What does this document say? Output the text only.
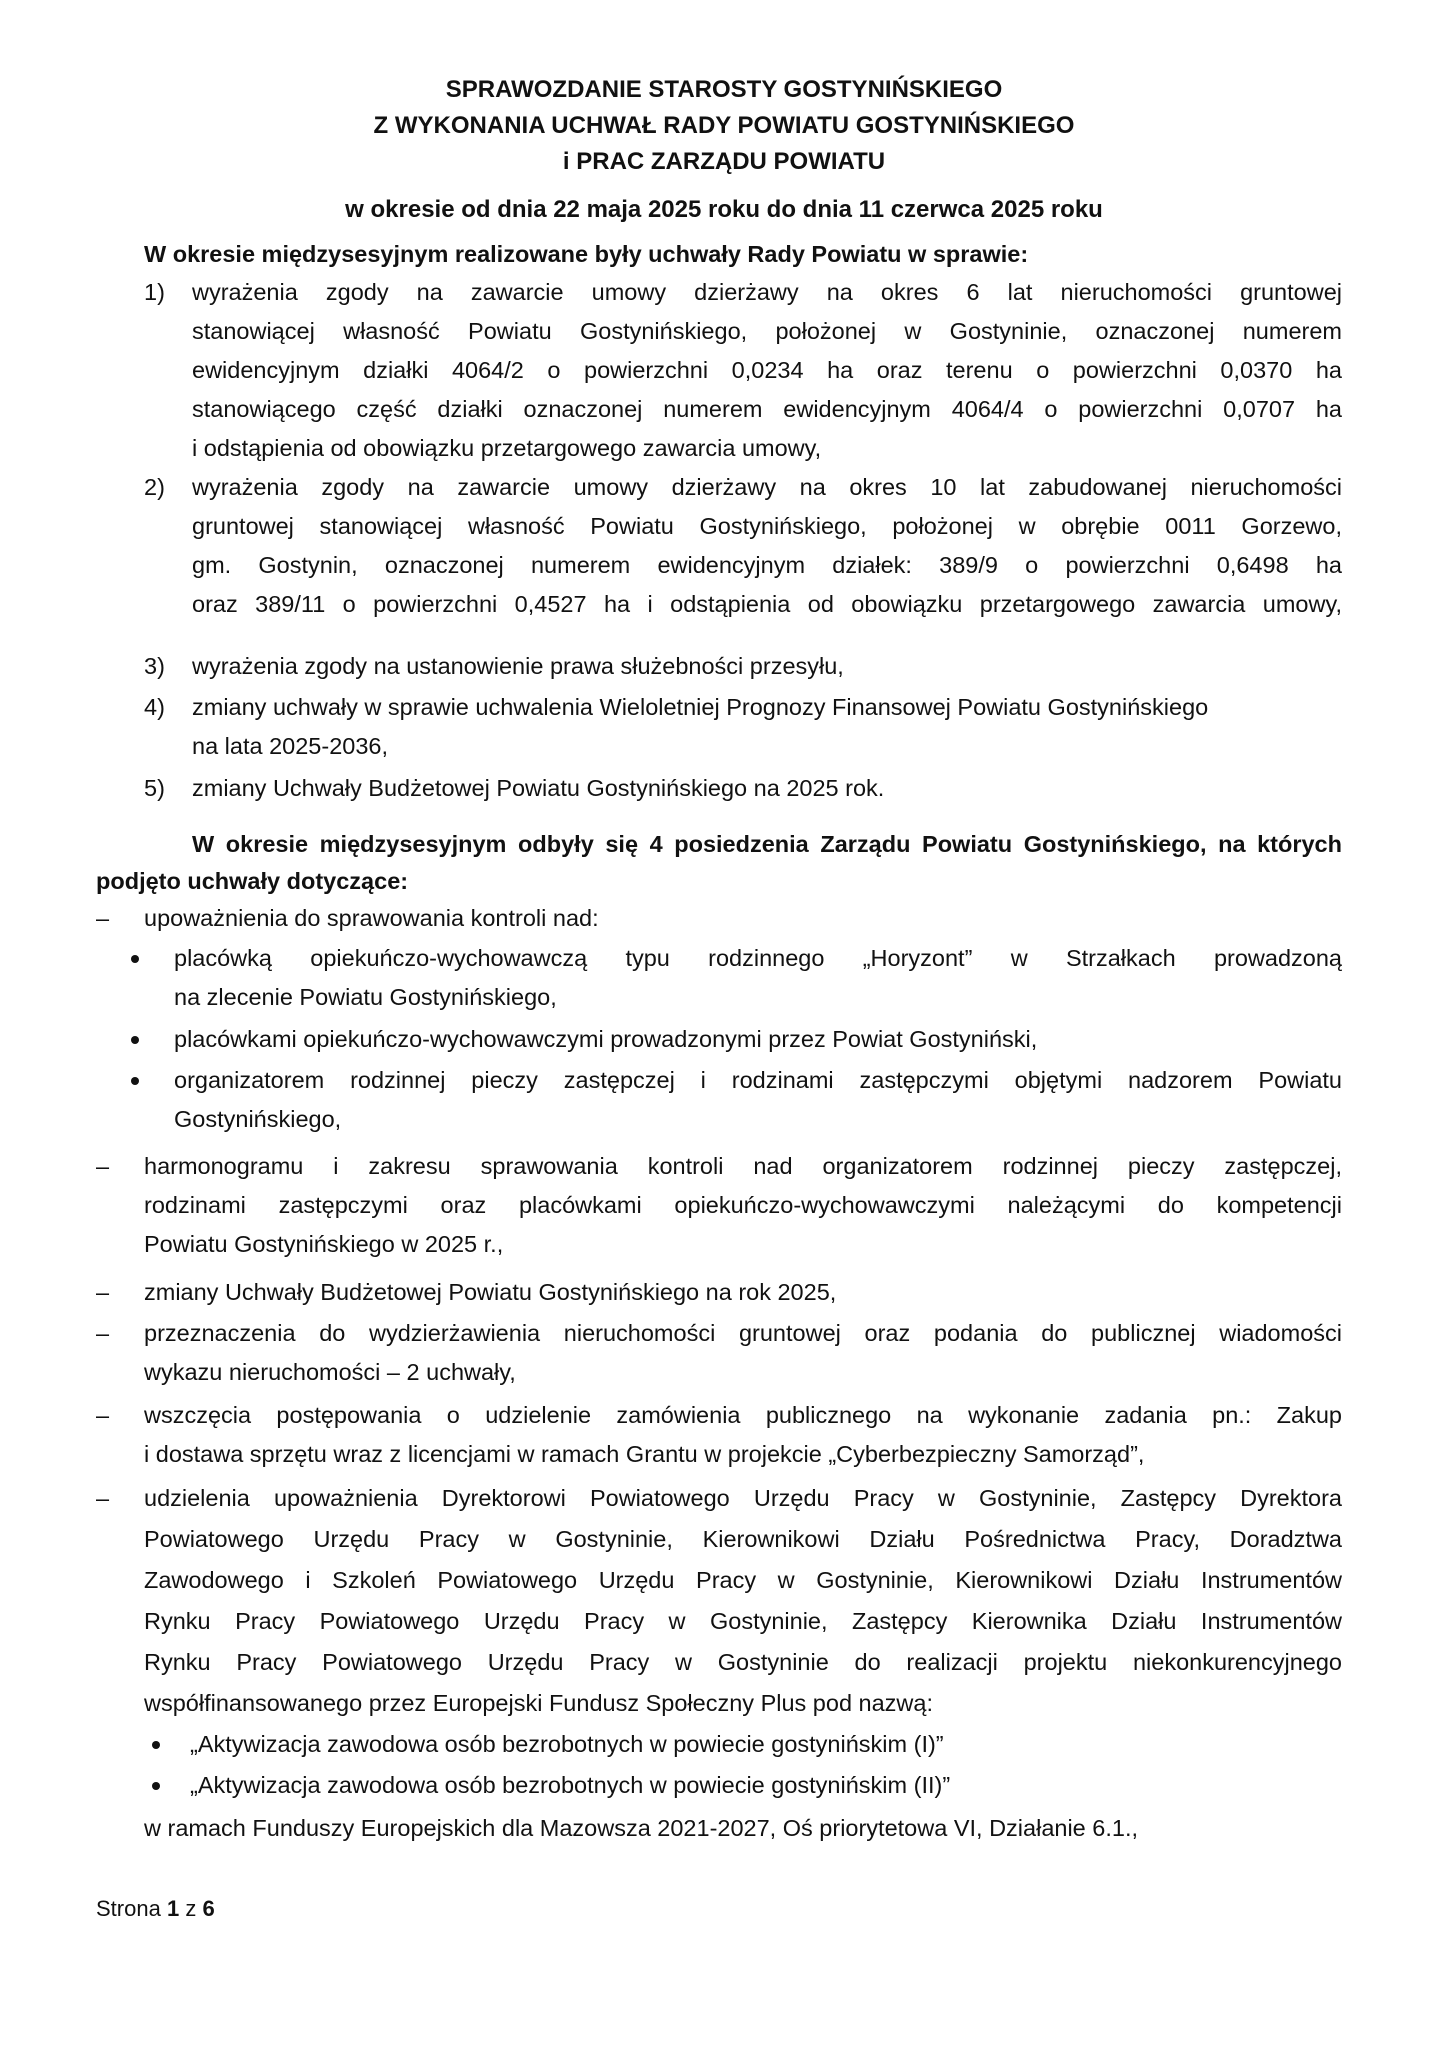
SPRAWOZDANIE STAROSTY GOSTYNIŃSKIEGO

Z WYKONANIA UCHWAŁ RADY POWIATU GOSTYNIŃSKIEGO

i PRAC ZARZĄDU POWIATU

w okresie od dnia 22 maja 2025 roku do dnia 11 czerwca 2025 roku

W okresie międzysesyjnym realizowane były uchwały Rady Powiatu w sprawie:

1) wyrażenia zgody na zawarcie umowy dzierżawy na okres 6 lat nieruchomości gruntowej

stanowiącej własność Powiatu Gostynińskiego, położonej w Gostyninie, oznaczonej numerem

ewidencyjnym działki 4064/2 o powierzchni 0,0234 ha oraz terenu o powierzchni 0,0370 ha

stanowiącego część działki oznaczonej numerem ewidencyjnym 4064/4 o powierzchni 0,0707 ha

i odstąpienia od obowiązku przetargowego zawarcia umowy,

2) wyrażenia zgody na zawarcie umowy dzierżawy na okres 10 lat zabudowanej nieruchomości

gruntowej stanowiącej własność Powiatu Gostynińskiego, położonej w obrębie 0011 Gorzewo,

gm. Gostynin, oznaczonej numerem ewidencyjnym działek: 389/9 o powierzchni 0,6498 ha

oraz 389/11 o powierzchni 0,4527 ha i odstąpienia od obowiązku przetargowego zawarcia umowy,

3) wyrażenia zgody na ustanowienie prawa służebności przesyłu,

4) zmiany uchwały w sprawie uchwalenia Wieloletniej Prognozy Finansowej Powiatu Gostynińskiego

na lata 2025-2036,

5) zmiany Uchwały Budżetowej Powiatu Gostynińskiego na 2025 rok.

W okresie międzysesyjnym odbyły się 4 posiedzenia Zarządu Powiatu Gostynińskiego, na których

podjęto uchwały dotyczące:

– upoważnienia do sprawowania kontroli nad:

placówką opiekuńczo-wychowawczą typu rodzinnego „Horyzont” w Strzałkach prowadzoną

na zlecenie Powiatu Gostynińskiego,

placówkami opiekuńczo-wychowawczymi prowadzonymi przez Powiat Gostyniński,

organizatorem rodzinnej pieczy zastępczej i rodzinami zastępczymi objętymi nadzorem Powiatu

Gostynińskiego,

– harmonogramu i zakresu sprawowania kontroli nad organizatorem rodzinnej pieczy zastępczej,

rodzinami zastępczymi oraz placówkami opiekuńczo-wychowawczymi należącymi do kompetencji

Powiatu Gostynińskiego w 2025 r.,

– zmiany Uchwały Budżetowej Powiatu Gostynińskiego na rok 2025,

– przeznaczenia do wydzierżawienia nieruchomości gruntowej oraz podania do publicznej wiadomości

wykazu nieruchomości – 2 uchwały,

– wszczęcia postępowania o udzielenie zamówienia publicznego na wykonanie zadania pn.: Zakup

i dostawa sprzętu wraz z licencjami w ramach Grantu w projekcie „Cyberbezpieczny Samorząd”,

– udzielenia upoważnienia Dyrektorowi Powiatowego Urzędu Pracy w Gostyninie, Zastępcy Dyrektora

Powiatowego Urzędu Pracy w Gostyninie, Kierownikowi Działu Pośrednictwa Pracy, Doradztwa

Zawodowego i Szkoleń Powiatowego Urzędu Pracy w Gostyninie, Kierownikowi Działu Instrumentów

Rynku Pracy Powiatowego Urzędu Pracy w Gostyninie, Zastępcy Kierownika Działu Instrumentów

Rynku Pracy Powiatowego Urzędu Pracy w Gostyninie do realizacji projektu niekonkurencyjnego

współfinansowanego przez Europejski Fundusz Społeczny Plus pod nazwą:

„Aktywizacja zawodowa osób bezrobotnych w powiecie gostynińskim (I)”

„Aktywizacja zawodowa osób bezrobotnych w powiecie gostynińskim (II)”

w ramach Funduszy Europejskich dla Mazowsza 2021-2027, Oś priorytetowa VI, Działanie 6.1.,

Strona 1 z 6
